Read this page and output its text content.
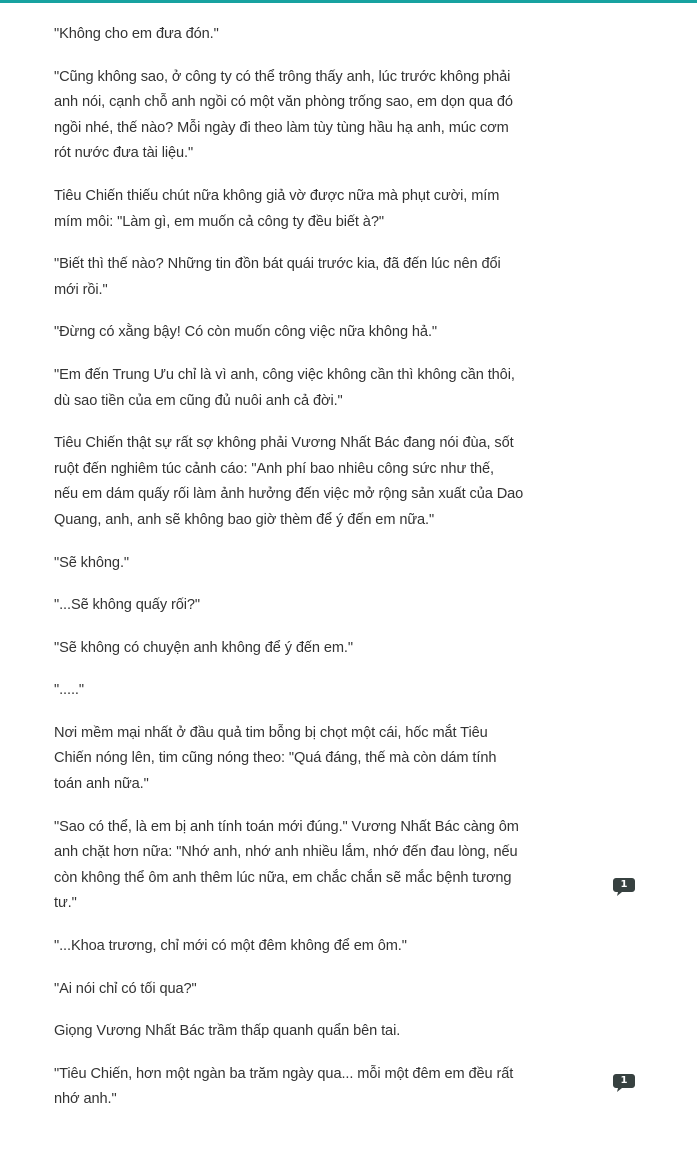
"Không cho em đưa đón."

"Cũng không sao, ở công ty có thể trông thấy anh, lúc trước không phải
anh nói, cạnh chỗ anh ngồi có một văn phòng trống sao, em dọn qua đó
ngồi nhé, thế nào? Mỗi ngày đi theo làm tùy tùng hầu hạ anh, múc cơm
rót nước đưa tài liệu."

Tiêu Chiến thiếu chút nữa không giả vờ được nữa mà phụt cười, mím
mím môi: "Làm gì, em muốn cả công ty đều biết à?"

"Biết thì thế nào? Những tin đồn bát quái trước kia, đã đến lúc nên đổi
mới rồi."

"Đừng có xằng bậy! Có còn muốn công việc nữa không hả."

"Em đến Trung Ưu chỉ là vì anh, công việc không cần thì không cần thôi,
dù sao tiền của em cũng đủ nuôi anh cả đời."

Tiêu Chiến thật sự rất sợ không phải Vương Nhất Bác đang nói đùa, sốt
ruột đến nghiêm túc cảnh cáo: "Anh phí bao nhiêu công sức như thế,
nếu em dám quấy rối làm ảnh hưởng đến việc mở rộng sản xuất của Dao
Quang, anh, anh sẽ không bao giờ thèm để ý đến em nữa."

"Sẽ không."

"...Sẽ không quấy rối?"

"Sẽ không có chuyện anh không để ý đến em."

"....."

Nơi mềm mại nhất ở đầu quả tim bỗng bị chọt một cái, hốc mắt Tiêu
Chiến nóng lên, tim cũng nóng theo: "Quá đáng, thế mà còn dám tính
toán anh nữa."

"Sao có thể, là em bị anh tính toán mới đúng." Vương Nhất Bác càng ôm
anh chặt hơn nữa: "Nhớ anh, nhớ anh nhiều lắm, nhớ đến đau lòng, nếu
còn không thể ôm anh thêm lúc nữa, em chắc chắn sẽ mắc bệnh tương
tư."

1

"...Khoa trương, chỉ mới có một đêm không để em ôm."

"Ai nói chỉ có tối qua?"

Giọng Vương Nhất Bác trầm thấp quanh quẩn bên tai.

"Tiêu Chiến, hơn một ngàn ba trăm ngày qua... mỗi một đêm em đều rất
nhớ anh."

1
